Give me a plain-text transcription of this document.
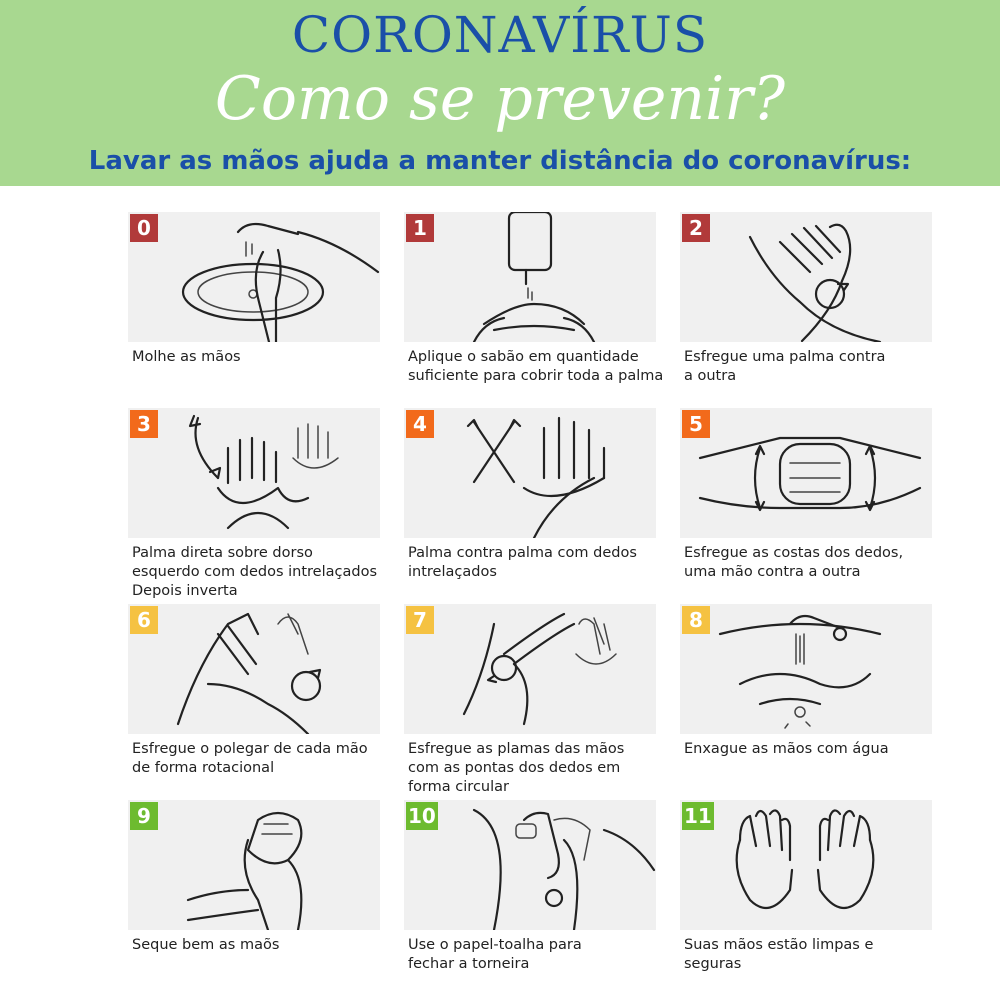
CORONAVÍRUS
Como se prevenir?

Lavar as mãos ajuda a manter distância do coronavírus:

0
Molhe as mãos
1
Aplique o sabão em quantidade
suficiente para cobrir toda a palma
2
Esfregue uma palma contra
a outra
3
Palma direta sobre dorso
esquerdo com dedos intrelaçados
Depois inverta
4
Palma contra palma com dedos
intrelaçados
5
Esfregue as costas dos dedos,
uma mão contra a outra
6
Esfregue o polegar de cada mão
de forma rotacional
7
Esfregue as plamas das mãos
com as pontas dos dedos em
forma circular
8
Enxague as mãos com água
9
Seque bem as maõs
10
Use o papel-toalha para
fechar a torneira
11
Suas mãos estão limpas e
seguras
